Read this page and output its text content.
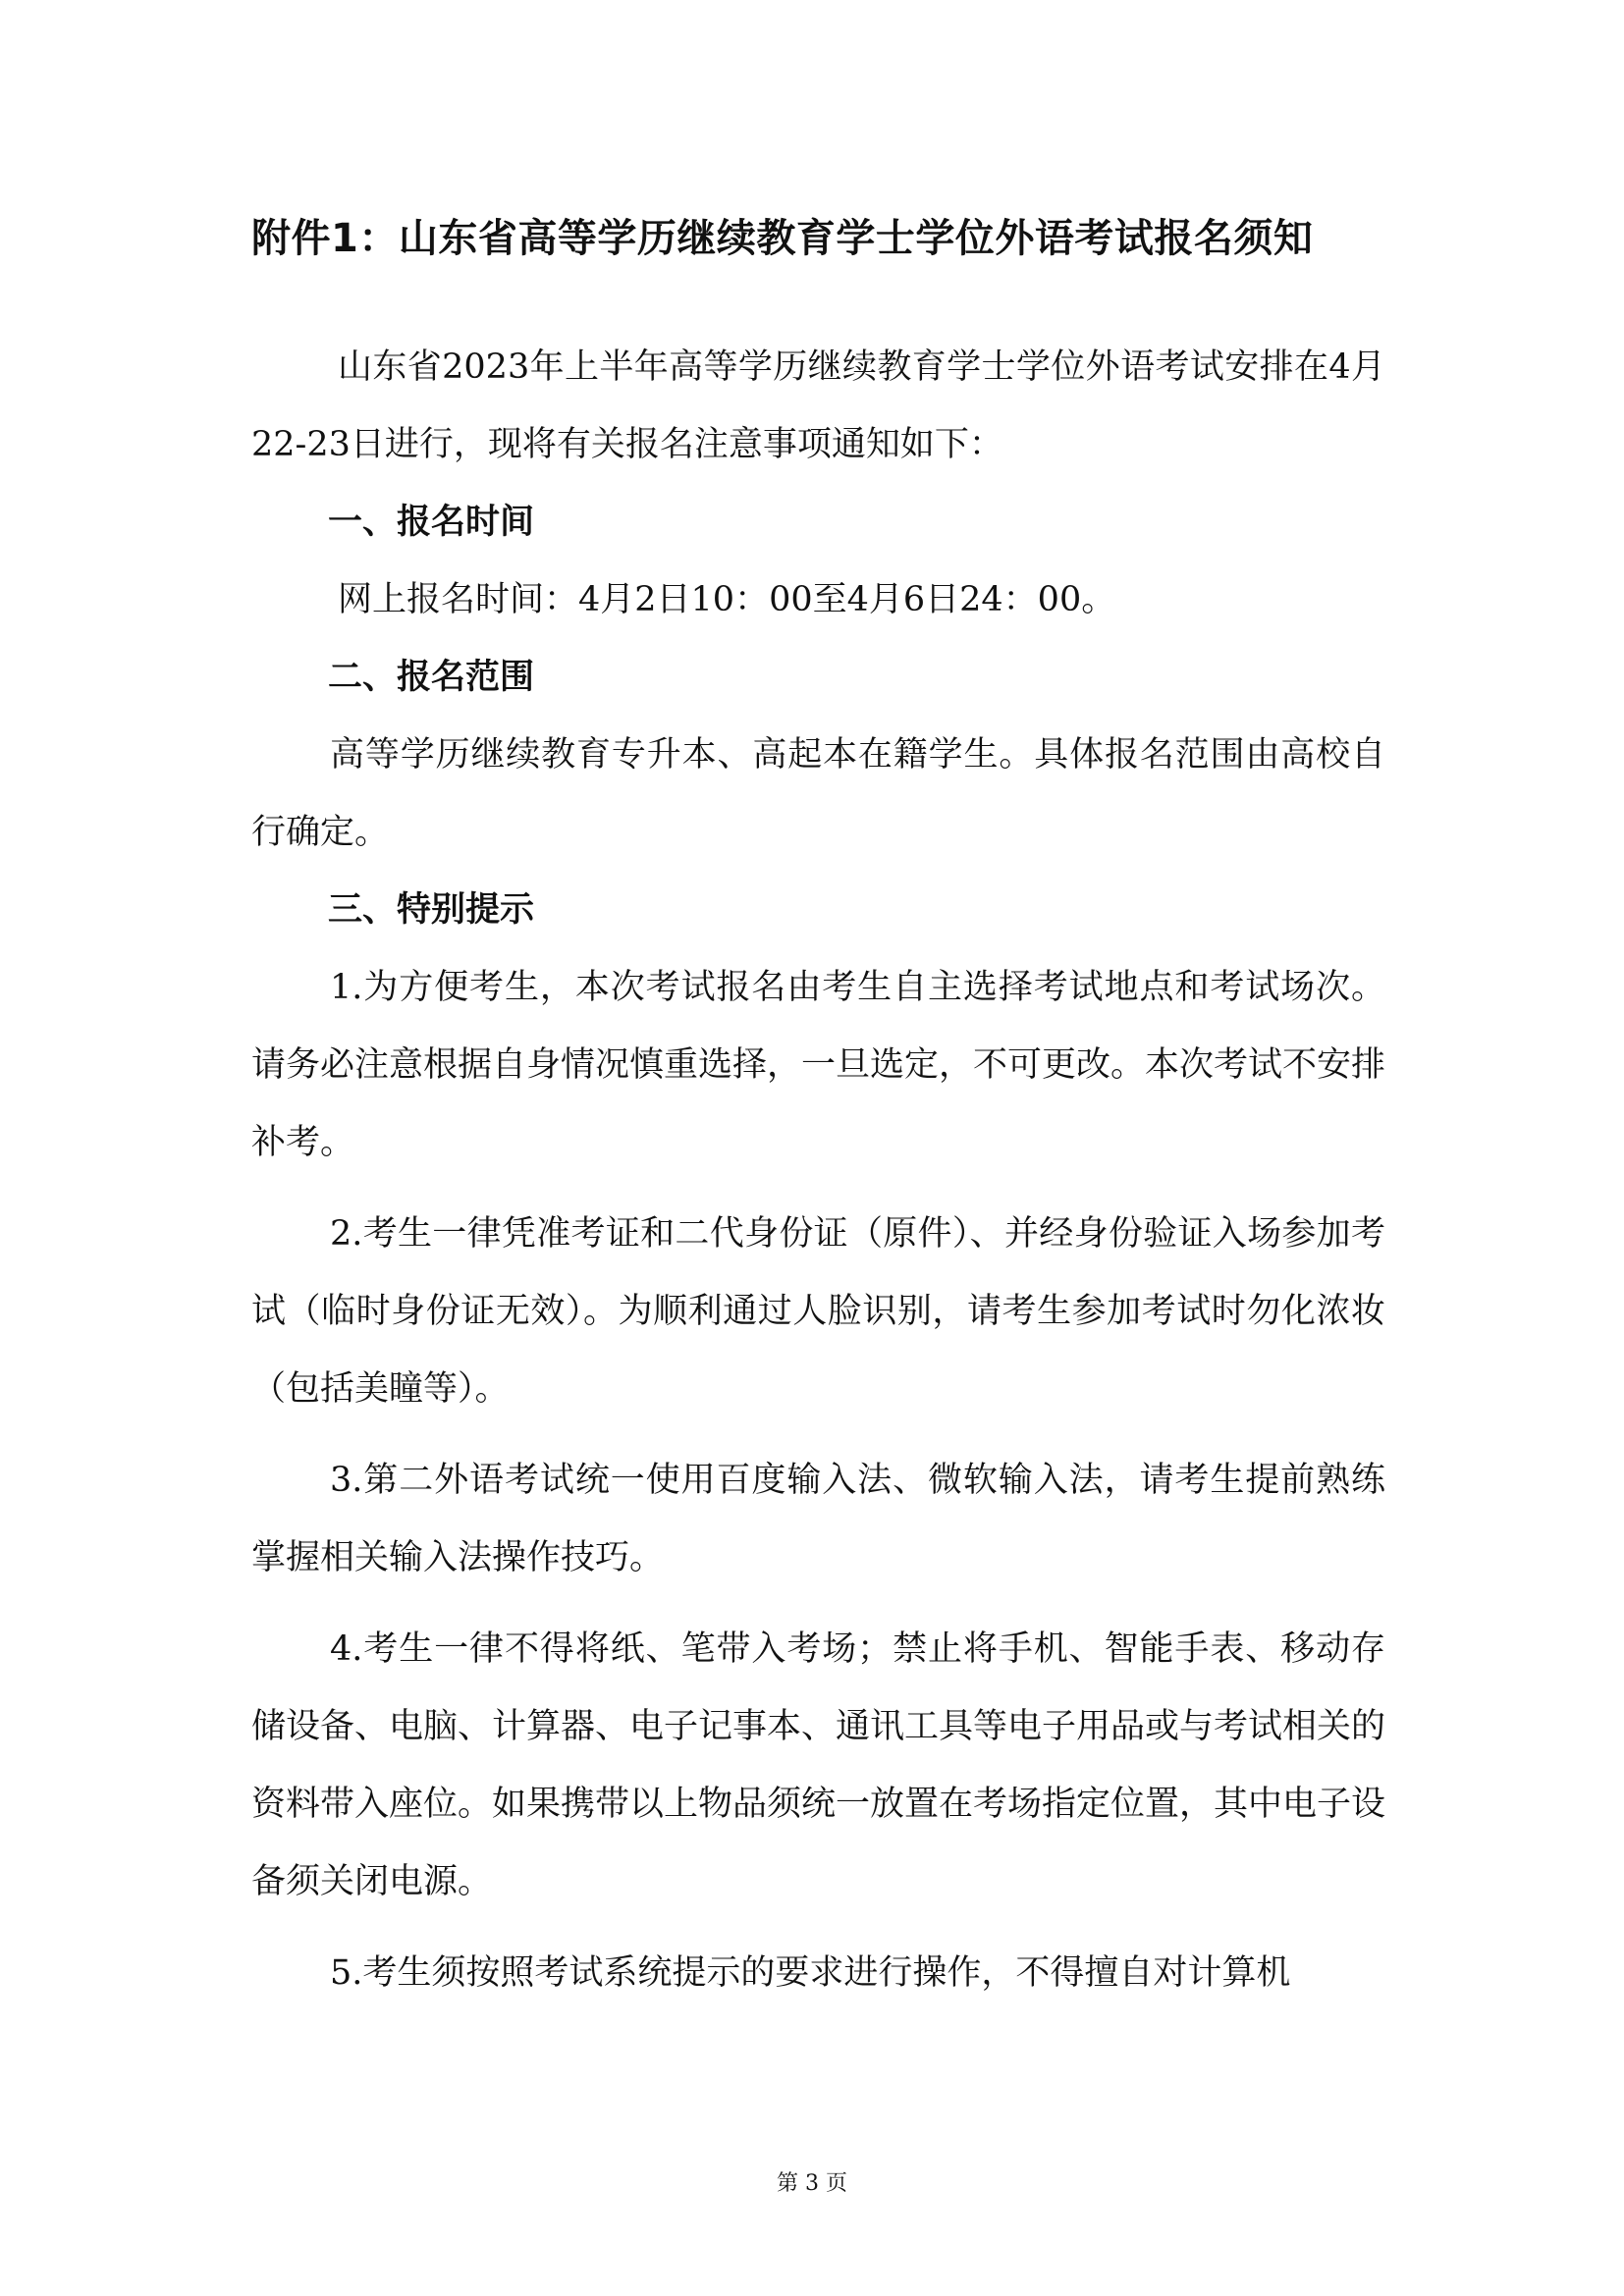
附件1：山东省高等学历继续教育学士学位外语考试报名须知

山东省2023年上半年高等学历继续教育学士学位外语考试安排在4月22-23日进行，现将有关报名注意事项通知如下：

一、报名时间

网上报名时间：4月2日10：00至4月6日24：00。

二、报名范围

高等学历继续教育专升本、高起本在籍学生。具体报名范围由高校自行确定。

三、特别提示

1.为方便考生，本次考试报名由考生自主选择考试地点和考试场次。请务必注意根据自身情况慎重选择，一旦选定，不可更改。本次考试不安排补考。

2.考生一律凭准考证和二代身份证（原件）、并经身份验证入场参加考试（临时身份证无效）。为顺利通过人脸识别，请考生参加考试时勿化浓妆（包括美瞳等）。

3.第二外语考试统一使用百度输入法、微软输入法，请考生提前熟练掌握相关输入法操作技巧。

4.考生一律不得将纸、笔带入考场；禁止将手机、智能手表、移动存储设备、电脑、计算器、电子记事本、通讯工具等电子用品或与考试相关的资料带入座位。如果携带以上物品须统一放置在考场指定位置，其中电子设备须关闭电源。

5.考生须按照考试系统提示的要求进行操作，不得擅自对计算机

第 3 页
